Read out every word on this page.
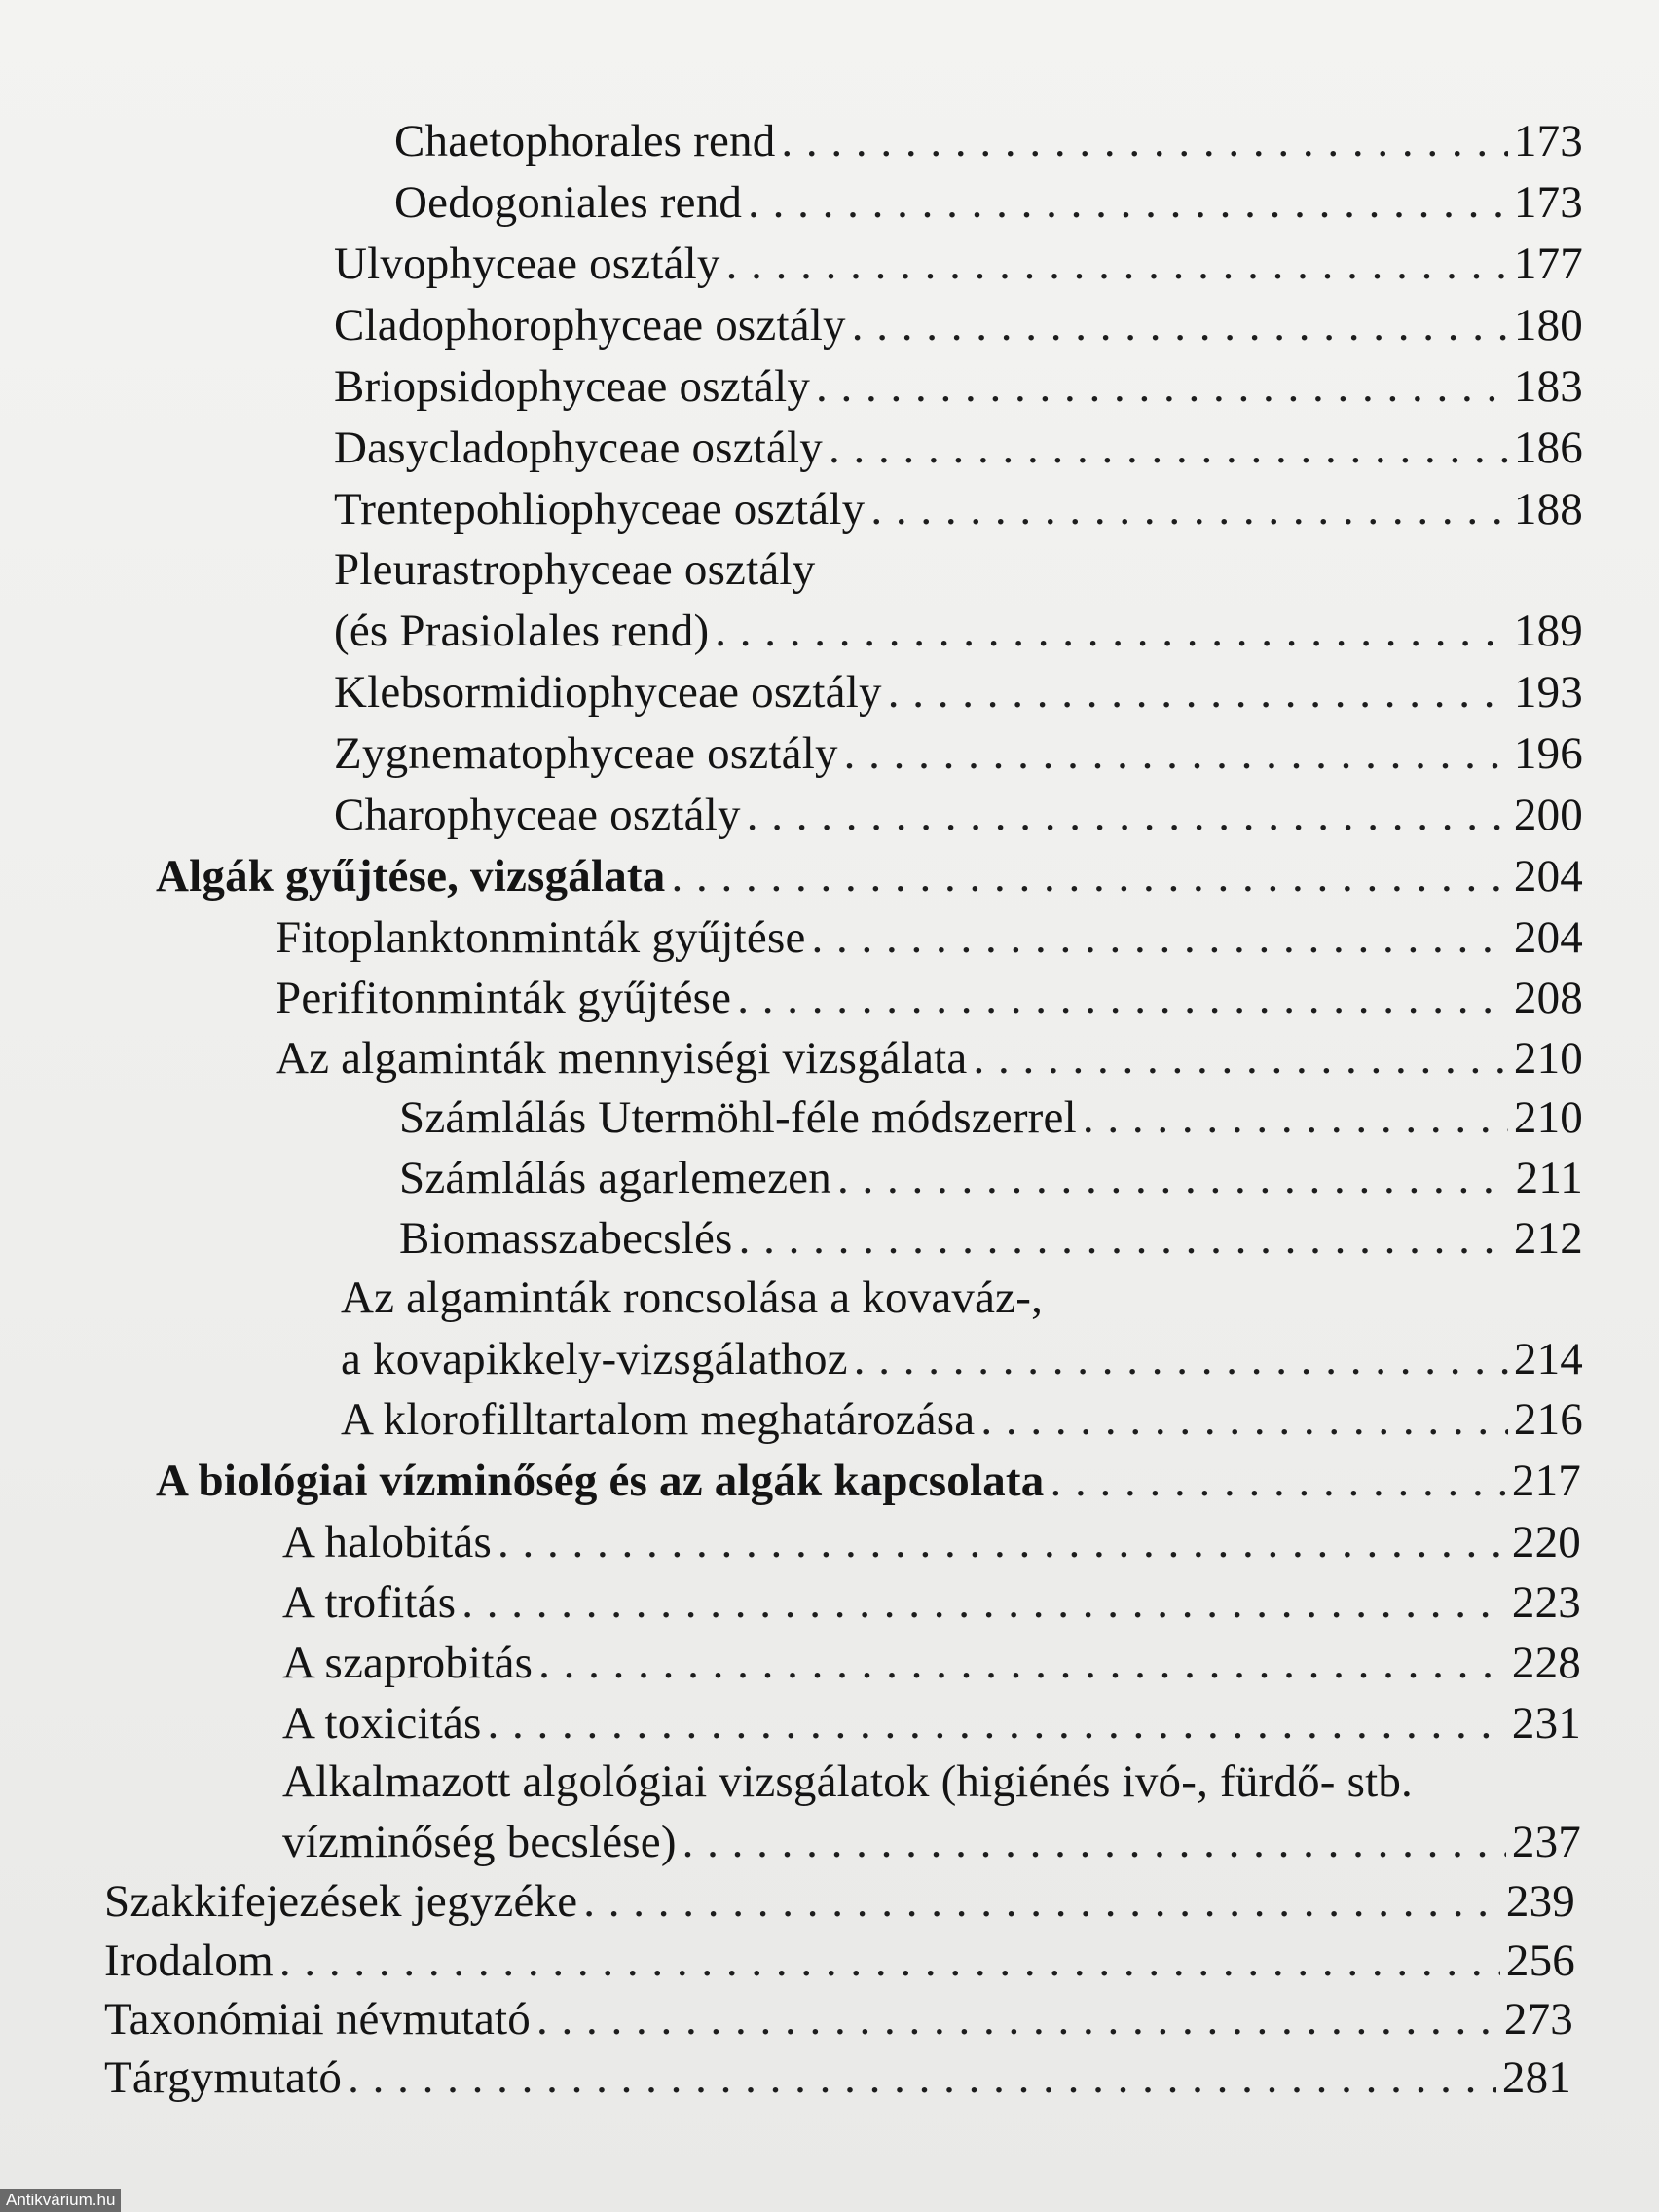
Chaetophorales rend . . .	173
Oedogoniales rend . . .	173
Ulvophyceae osztály . . .	177
Cladophorophyceae osztály . . .	180
Briopsidophyceae osztály . . .	183
Dasycladophyceae osztály . . .	186
Trentepohliophyceae osztály . . .	188
Pleurastrophyceae osztály
(és Prasiolales rend) . . .	189
Klebsormidiophyceae osztály . . .	193
Zygnematophyceae osztály . . .	196
Charophyceae osztály . . .	200
Algák gyűjtése, vizsgálata . . .	204
Fitoplanktonminták gyűjtése . . .	204
Perifitonminták gyűjtése . . .	208
Az algaminták mennyiségi vizsgálata . . .	210
Számlálás Utermöhl-féle módszerrel . . .	210
Számlálás agarlemezen . . .	211
Biomasszabecslés . . .	212
Az algaminták roncsolása a kovaváz-,
a kovapikkely-vizsgálathoz . . .	214
A klorofilltartalom meghatározása . . .	216
A biológiai vízminőség és az algák kapcsolata . . .	217
A halobitás . . .	220
A trofitás . . .	223
A szaprobitás . . .	228
A toxicitás . . .	231
Alkalmazott algológiai vizsgálatok (higiénés ivó-, fürdő- stb.
vízminőség becslése) . . .	237
Szakkifejezések jegyzéke . . .	239
Irodalom . . .	256
Taxonómiai névmutató . . .	273
Tárgymutató . . .	281
Antikvárium.hu
